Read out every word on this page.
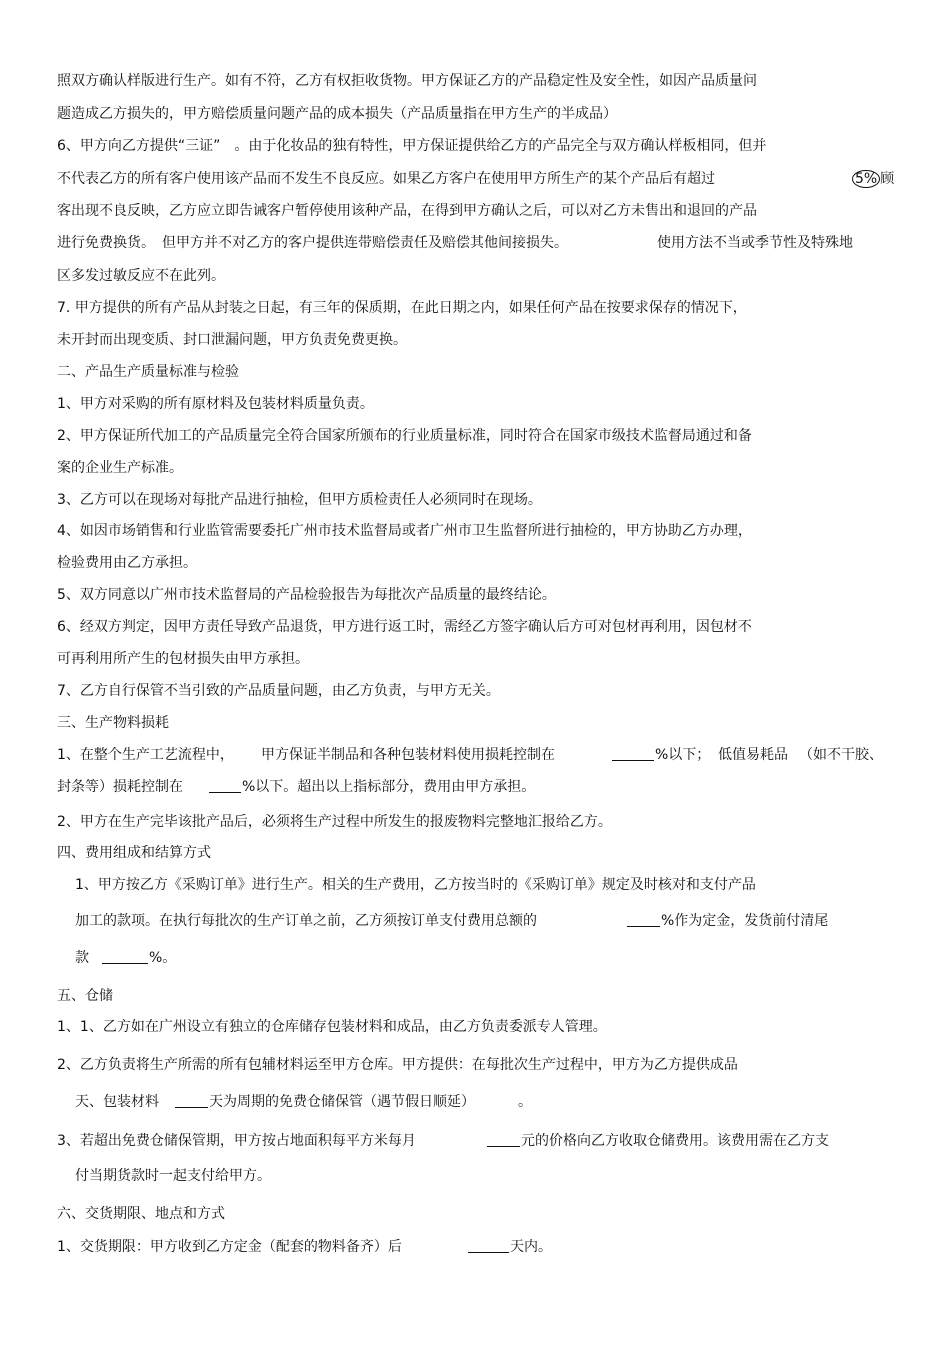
照双方确认样版进行生产。如有不符，乙方有权拒收货物。甲方保证乙方的产品稳定性及安全性，如因产品质量问
题造成乙方损失的，甲方赔偿质量问题产品的成本损失（产品质量指在甲方生产的半成品）
6、甲方向乙方提供“三证”　。由于化妆品的独有特性，甲方保证提供给乙方的产品完全与双方确认样板相同，但并
不代表乙方的所有客户使用该产品而不发生不良反应。如果乙方客户在使用甲方所生产的某个产品后有超过	5% 顾
客出现不良反映，乙方应立即告诫客户暂停使用该种产品，在得到甲方确认之后，可以对乙方未售出和退回的产品
进行免费换货。　但甲方并不对乙方的客户提供连带赔偿责任及赔偿其他间接损失。	使用方法不当或季节性及特殊地
区多发过敏反应不在此列。
7. 甲方提供的所有产品从封装之日起，有三年的保质期，在此日期之内，如果任何产品在按要求保存的情况下，
未开封而出现变质、封口泄漏问题，甲方负责免费更换。
二、产品生产质量标准与检验
1、甲方对采购的所有原材料及包装材料质量负责。
2、甲方保证所代加工的产品质量完全符合国家所颁布的行业质量标准，同时符合在国家市级技术监督局通过和备
案的企业生产标准。
3、乙方可以在现场对每批产品进行抽检，但甲方质检责任人必须同时在现场。
4、如因市场销售和行业监管需要委托广州市技术监督局或者广州市卫生监督所进行抽检的，甲方协助乙方办理，
检验费用由乙方承担。
5、双方同意以广州市技术监督局的产品检验报告为每批次产品质量的最终结论。
6、经双方判定，因甲方责任导致产品退货，甲方进行返工时，需经乙方签字确认后方可对包材再利用，因包材不
可再利用所产生的包材损失由甲方承担。
7、乙方自行保管不当引致的产品质量问题，由乙方负责，与甲方无关。
三、生产物料损耗
1、在整个生产工艺流程中， 甲方保证半制品和各种包装材料使用损耗控制在	%以下； 低值易耗品 （如不干胶、
封条等）损耗控制在	%以下。超出以上指标部分，费用由甲方承担。
2、甲方在生产完毕该批产品后，必须将生产过程中所发生的报废物料完整地汇报给乙方。
四、费用组成和结算方式
1、甲方按乙方《采购订单》进行生产。相关的生产费用，乙方按当时的《采购订单》规定及时核对和支付产品
加工的款项。在执行每批次的生产订单之前，乙方须按订单支付费用总额的	%作为定金，发货前付清尾
款	%。
五、仓储
1、1、乙方如在广州设立有独立的仓库储存包装材料和成品，由乙方负责委派专人管理。
2、乙方负责将生产所需的所有包辅材料运至甲方仓库。甲方提供：在每批次生产过程中，甲方为乙方提供成品
天、包装材料	天为周期的免费仓储保管（遇节假日顺延）	。
3、若超出免费仓储保管期，甲方按占地面积每平方米每月	元的价格向乙方收取仓储费用。该费用需在乙方支
付当期货款时一起支付给甲方。
六、交货期限、地点和方式
1、交货期限：甲方收到乙方定金（配套的物料备齐）后	天内。
